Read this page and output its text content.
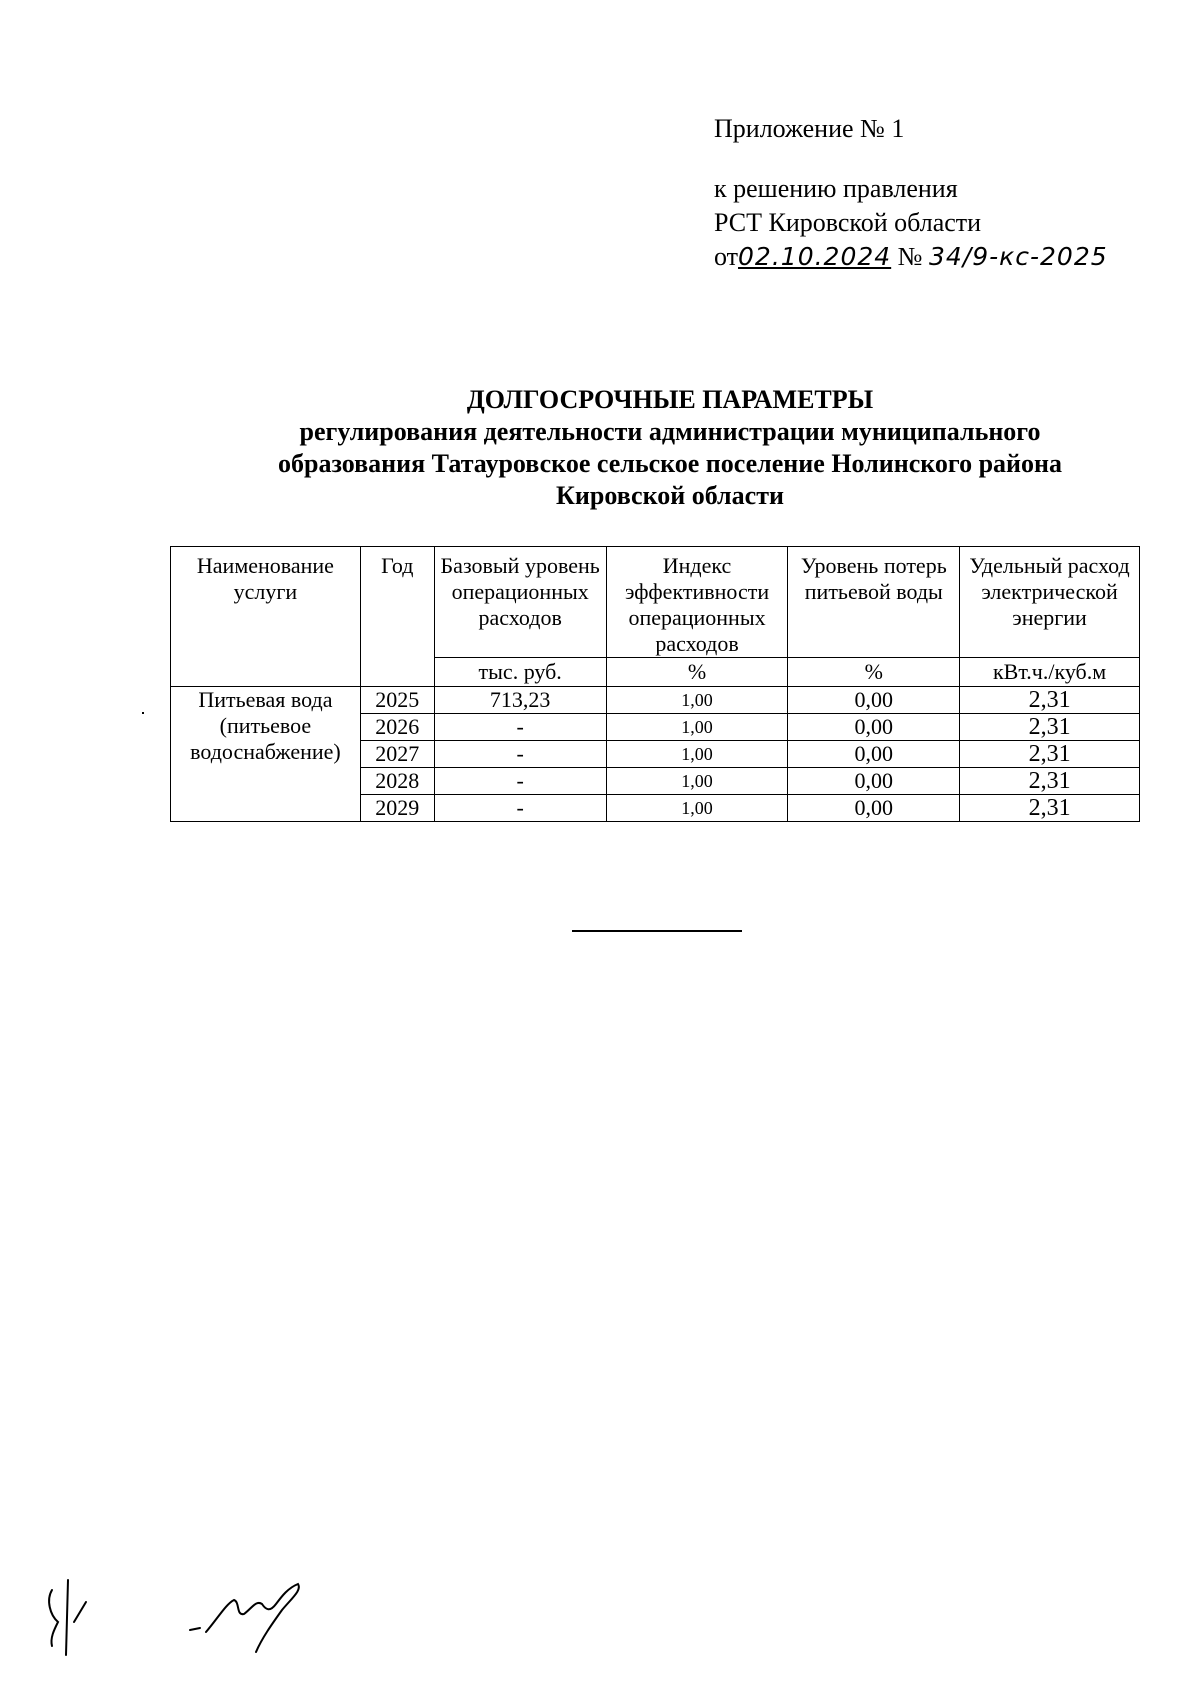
Приложение № 1
к решению правления
РСТ Кировской области
от02.10.2024 № 34/9-кс-2025
ДОЛГОСРОЧНЫЕ ПАРАМЕТРЫ
регулирования деятельности администрации муниципального
образования Татауровское сельское поселение Нолинского района
Кировской области
Наименование услуги	Год	Базовый уровень операционных расходов	Индекс эффективности операционных расходов	Уровень потерь питьевой воды	Удельный расход электрической энергии
		тыс. руб.	%	%	кВт.ч./куб.м
Питьевая вода (питьевое водоснабжение)	2025	713,23	1,00	0,00	2,31
	2026	-	1,00	0,00	2,31
	2027	-	1,00	0,00	2,31
	2028	-	1,00	0,00	2,31
	2029	-	1,00	0,00	2,31
